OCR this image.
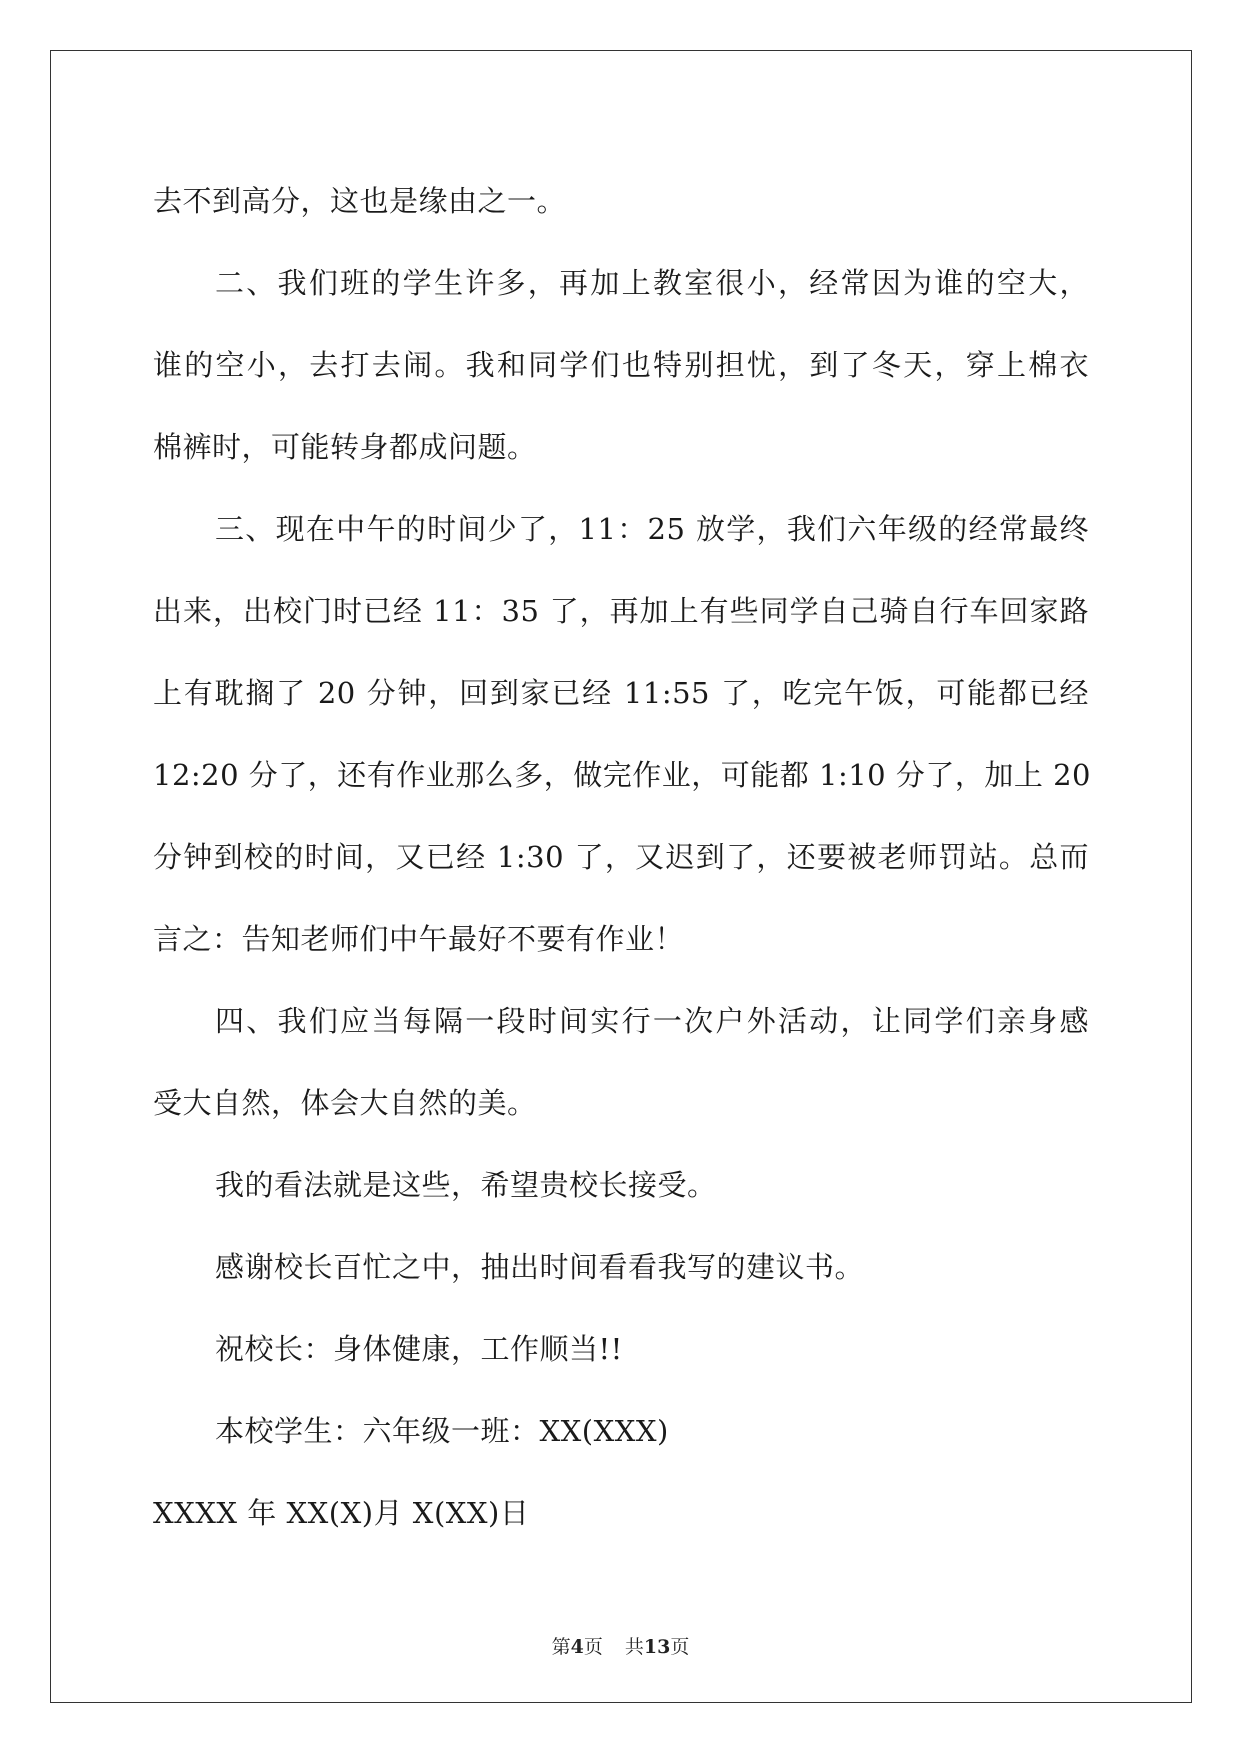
去不到高分，这也是缘由之一。
二、我们班的学生许多，再加上教室很小，经常因为谁的空大，
谁的空小，去打去闹。我和同学们也特别担忧，到了冬天，穿上棉衣
棉裤时，可能转身都成问题。
三、现在中午的时间少了，11：25 放学，我们六年级的经常最终
出来，出校门时已经 11：35 了，再加上有些同学自己骑自行车回家路
上有耽搁了 20 分钟，回到家已经 11:55 了，吃完午饭，可能都已经
12:20 分了，还有作业那么多，做完作业，可能都 1:10 分了，加上 20
分钟到校的时间，又已经 1:30 了，又迟到了，还要被老师罚站。总而
言之：告知老师们中午最好不要有作业！
四、我们应当每隔一段时间实行一次户外活动，让同学们亲身感
受大自然，体会大自然的美。
我的看法就是这些，希望贵校长接受。
感谢校长百忙之中，抽出时间看看我写的建议书。
祝校长：身体健康，工作顺当!!
本校学生：六年级一班：XX(XXX)
XXXX 年 XX(X)月 X(XX)日
第4页 共13页
